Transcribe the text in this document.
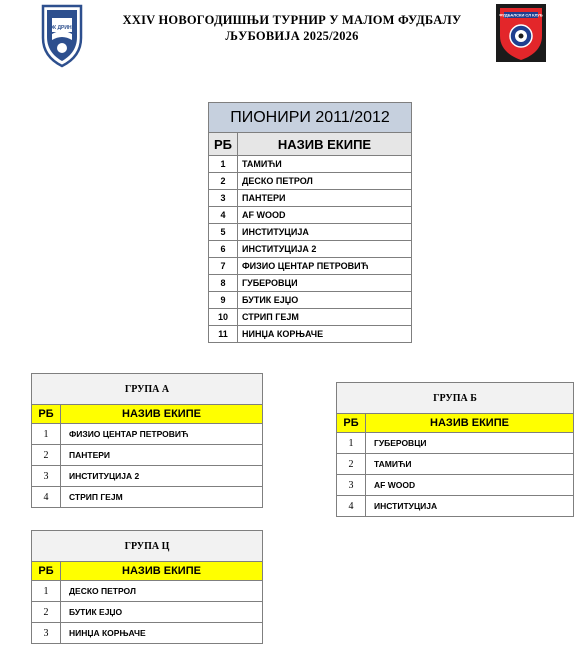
ФК ДРИНА
XXIV НОВОГОДИШЊИ ТУРНИР У МАЛОМ ФУДБАЛУ
ЉУБОВИЈА 2025/2026
ФУДБАЛСКИ СЛ КЛУБ
ПИОНИРИ 2011/2012	
РБ	НАЗИВ ЕКИПЕ
1	ТАМИЋИ
2	ДЕСКО ПЕТРОЛ
3	ПАНТЕРИ
4	AF WOOD
5	ИНСТИТУЦИЈА
6	ИНСТИТУЦИЈА 2
7	ФИЗИО ЦЕНТАР ПЕТРОВИЋ
8	ГУБЕРОВЦИ
9	БУТИК ЕЈЏО
10	СТРИП ГЕЈМ
11	НИНЏА КОРЊАЧЕ
ГРУПА А	
РБ	НАЗИВ ЕКИПЕ
1	ФИЗИО ЦЕНТАР ПЕТРОВИЋ
2	ПАНТЕРИ
3	ИНСТИТУЦИЈА 2
4	СТРИП ГЕЈМ
ГРУПА Б	
РБ	НАЗИВ ЕКИПЕ
1	ГУБЕРОВЦИ
2	ТАМИЋИ
3	AF WOOD
4	ИНСТИТУЦИЈА
ГРУПА Ц	
РБ	НАЗИВ ЕКИПЕ
1	ДЕСКО ПЕТРОЛ
2	БУТИК ЕЈЏО
3	НИНЏА КОРЊАЧЕ
